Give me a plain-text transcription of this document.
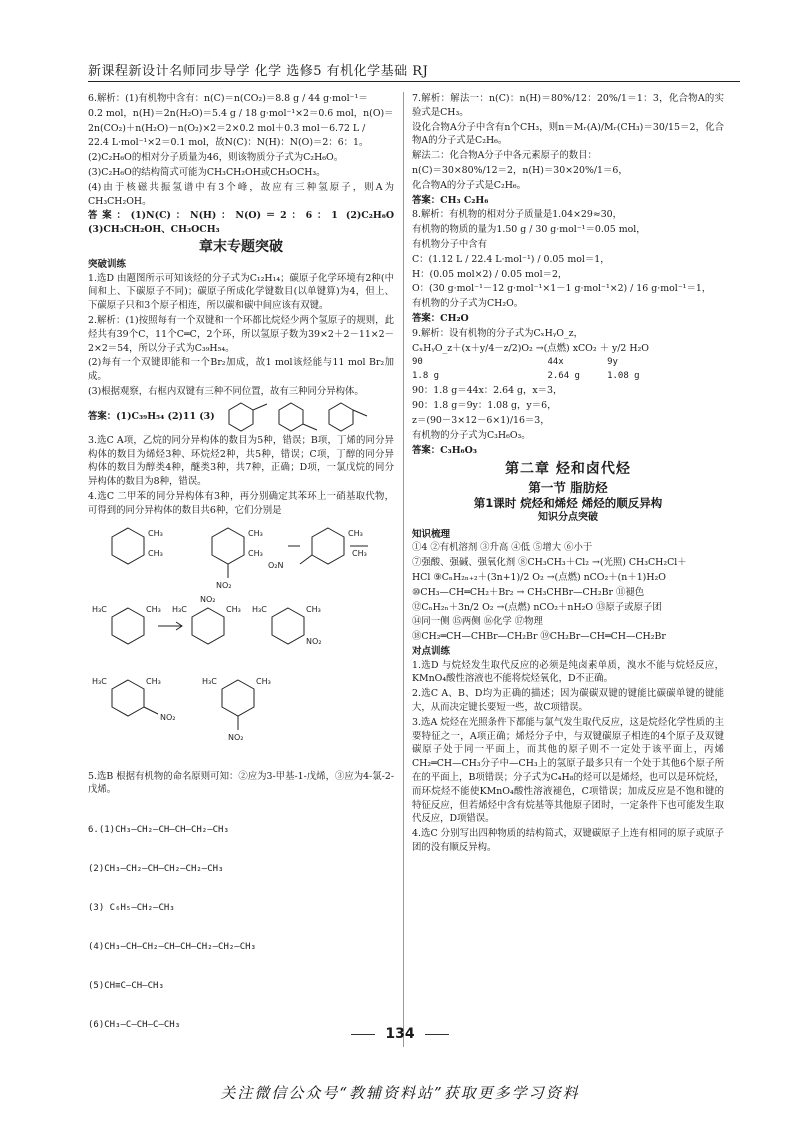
新课程新设计名师同步导学 化学 选修5 有机化学基础 RJ
6.解析：(1)有机物中含有：n(C)＝n(CO₂)＝8.8 g / 44 g·mol⁻¹＝
0.2 mol，n(H)＝2n(H₂O)＝5.4 g / 18 g·mol⁻¹×2＝0.6 mol，n(O)＝
2n(CO₂)＋n(H₂O)－n(O₂)×2＝2×0.2 mol＋0.3 mol－6.72 L /
22.4 L·mol⁻¹×2＝0.1 mol，故N(C)：N(H)：N(O)＝2：6：1。
(2)C₂H₆O的相对分子质量为46，则该物质分子式为C₂H₆O。
(3)C₂H₆O的结构简式可能为CH₃CH₂OH或CH₃OCH₃。
(4)由于核磁共振氢谱中有3个峰，故应有三种氢原子，则A为CH₃CH₂OH。
答案：(1)N(C)：N(H)：N(O)＝2：6：1 (2)C₂H₆O (3)CH₃CH₂OH、CH₃OCH₃
章末专题突破
突破训练
1.选D 由题图所示可知该烃的分子式为C₁₂H₁₄；碳原子化学环境有2种(中间和上、下碳原子不同)；碳原子所成化学键数目(以单键算)为4，但上、下碳原子只和3个原子相连，所以碳和碳中间应该有双键。
2.解析：(1)按照每有一个双键和一个环都比烷烃少两个氢原子的规则，此烃共有39个C，11个C═C，2个环，所以氢原子数为39×2＋2－11×2－2×2＝54，所以分子式为C₃₉H₅₄。
(2)每有一个双键即能和一个Br₂加成，故1 mol该烃能与11 mol Br₂加成。
(3)根据观察，右框内双键有三种不同位置，故有三种同分异构体。
答案：(1)C₃₉H₅₄ (2)11 (3)
3.选C A项，乙烷的同分异构体的数目为5种，错误；B项，丁烯的同分异构体的数目为烯烃3种、环烷烃2种，共5种，错误；C项，丁醇的同分异构体的数目为醇类4种，醚类3种，共7种，正确；D项，一氯戊烷的同分异构体的数目为8种，错误。
4.选C 二甲苯的同分异构体有3种，再分别确定其苯环上一硝基取代物，可得到的同分异构体的数目共6种，它们分别是
CH₃
CH₃
CH₃
CH₃
NO₂
CH₃
CH₃
O₂N
H₃C	CH₃ H₃C	CH₃
NO₂
H₃C	CH₃
NO₂
H₃C	CH₃
NO₂
H₃C	CH₃
NO₂
5.选B 根据有机物的命名原则可知：②应为3-甲基-1-戊烯，③应为4-氯-2-戊烯。

6.(1)CH₃—CH₂—CH—CH—CH₂—CH₃

(2)CH₃—CH₂—CH—CH₂—CH₂—CH₃

(3) C₆H₅—CH₂—CH₃

(4)CH₃—CH—CH₂—CH—CH—CH₂—CH₂—CH₃

(5)CH≡C—CH—CH₃

(6)CH₃—C—CH—C—CH₃

7.解析：解法一：n(C)：n(H)＝80%/12：20%/1＝1：3，化合物A的实验式是CH₃。
设化合物A分子中含有n个CH₃，则n＝Mᵣ(A)/Mᵣ(CH₃)＝30/15＝2，化合物A的分子式是C₂H₆。
解法二：化合物A分子中各元素原子的数目：
n(C)＝30×80%/12＝2，n(H)＝30×20%/1＝6，
化合物A的分子式是C₂H₆。
答案：CH₃ C₂H₆
8.解析：有机物的相对分子质量是1.04×29≈30，
有机物的物质的量为1.50 g / 30 g·mol⁻¹＝0.05 mol，
有机物分子中含有
C：(1.12 L / 22.4 L·mol⁻¹) / 0.05 mol＝1，
H：(0.05 mol×2) / 0.05 mol＝2，
O：(30 g·mol⁻¹－12 g·mol⁻¹×1－1 g·mol⁻¹×2) / 16 g·mol⁻¹＝1，
有机物的分子式为CH₂O。
答案：CH₂O
9.解析：设有机物的分子式为CₓHᵧO_z，
CₓHᵧO_z＋(x＋y/4－z/2)O₂ →(点燃) xCO₂ ＋ y/2 H₂O
90                       44x        9y
1.8 g                    2.64 g     1.08 g
90：1.8 g＝44x：2.64 g，x＝3，
90：1.8 g＝9y：1.08 g，y＝6，
z＝(90－3×12－6×1)/16＝3，
有机物的分子式为C₃H₆O₃。
答案：C₃H₆O₃
第二章 烃和卤代烃
第一节 脂肪烃
第1课时 烷烃和烯烃 烯烃的顺反异构
知识分点突破
知识梳理
①4 ②有机溶剂 ③升高 ④低 ⑤增大 ⑥小于
⑦强酸、强碱、强氧化剂 ⑧CH₃CH₃＋Cl₂ →(光照) CH₃CH₂Cl＋
HCl ⑨CₙH₂ₙ₊₂＋(3n+1)/2 O₂ →(点燃) nCO₂＋(n＋1)H₂O
⑩CH₃—CH═CH₂＋Br₂ → CH₃CHBr—CH₂Br ⑪褪色
⑫CₙH₂ₙ＋3n/2 O₂ →(点燃) nCO₂＋nH₂O ⑬原子或原子团
⑭同一侧 ⑮两侧 ⑯化学 ⑰物理
⑱CH₂═CH—CHBr—CH₂Br ⑲CH₂Br—CH═CH—CH₂Br
对点训练
1.选D 与烷烃发生取代反应的必须是纯卤素单质，溴水不能与烷烃反应，KMnO₄酸性溶液也不能将烷烃氧化，D不正确。
2.选C A、B、D均为正确的描述；因为碳碳双键的键能比碳碳单键的键能大，从而决定键长要短一些，故C项错误。
3.选A 烷烃在光照条件下都能与氯气发生取代反应，这是烷烃化学性质的主要特征之一，A项正确；烯烃分子中，与双键碳原子相连的4个原子及双键碳原子处于同一平面上，而其他的原子则不一定处于该平面上，丙烯CH₂═CH—CH₃分子中—CH₃上的氢原子最多只有一个处于其他6个原子所在的平面上，B项错误；分子式为C₄H₈的烃可以是烯烃，也可以是环烷烃，而环烷烃不能使KMnO₄酸性溶液褪色，C项错误；加成反应是不饱和键的特征反应，但若烯烃中含有烷基等其他原子团时，一定条件下也可能发生取代反应，D项错误。
4.选C 分别写出四种物质的结构简式，双键碳原子上连有相同的原子或原子团的没有顺反异构。
134
关注微信公众号“教辅资料站”获取更多学习资料
